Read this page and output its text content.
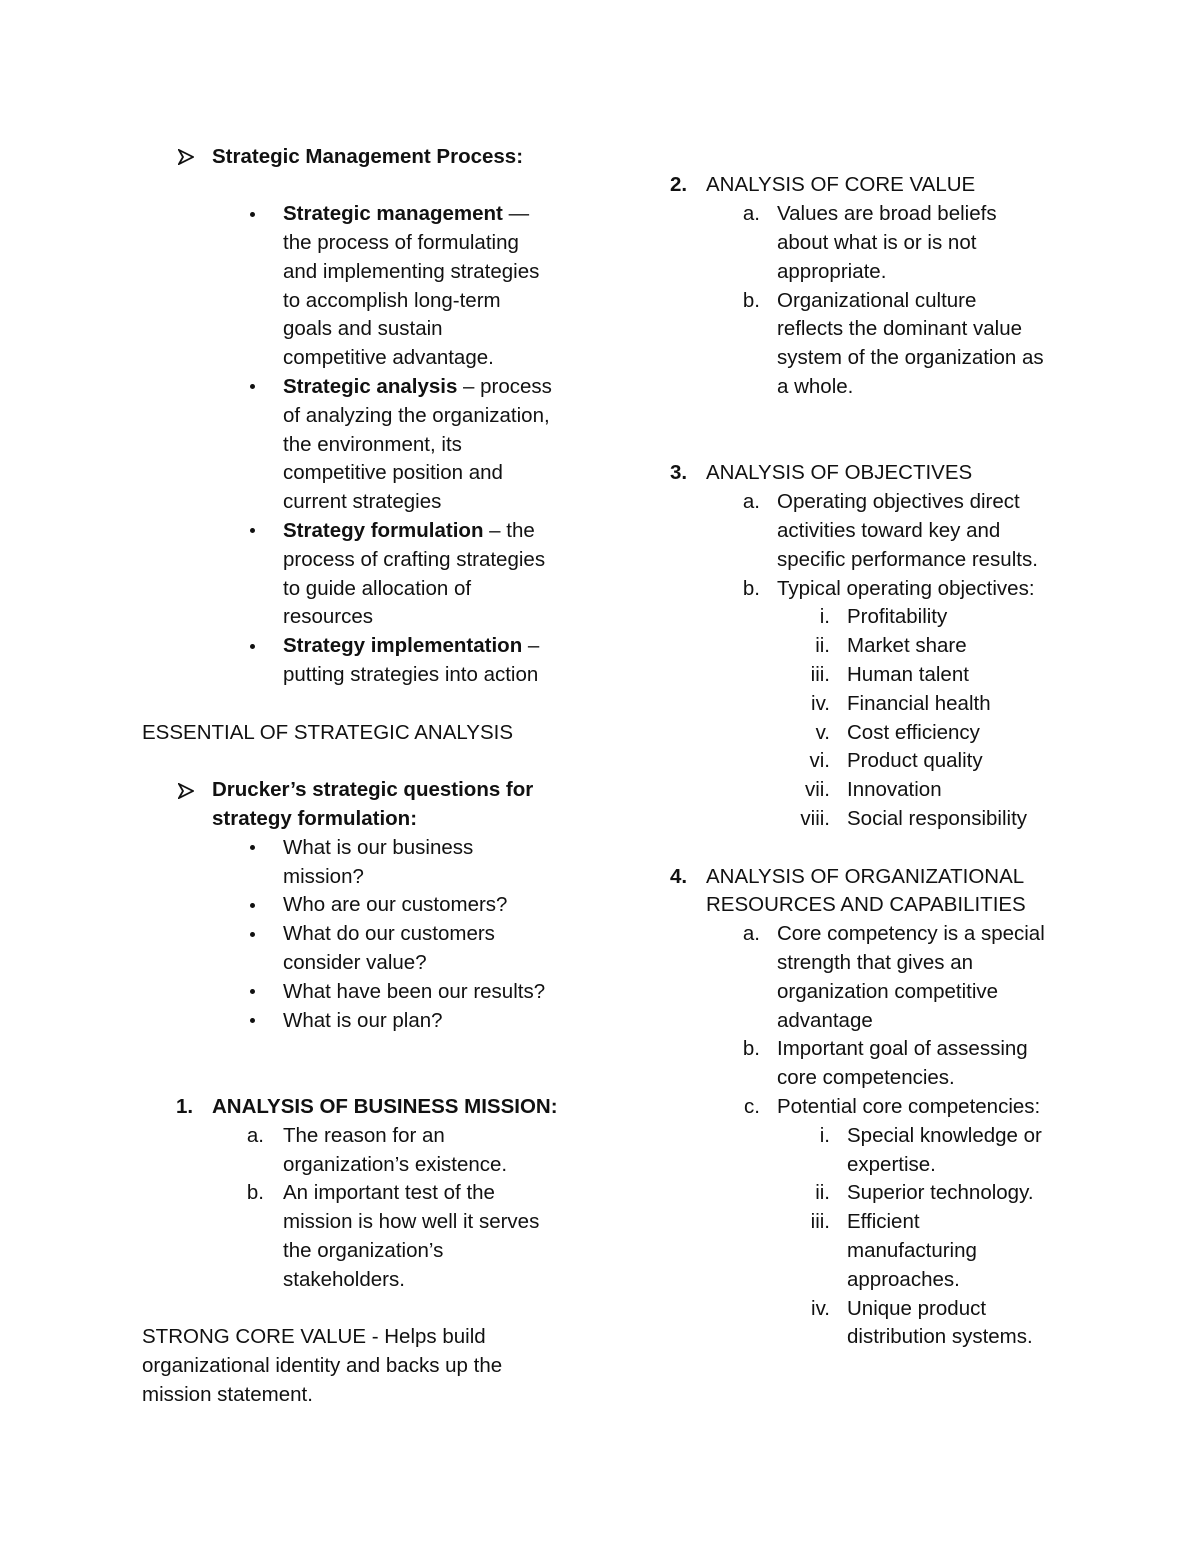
Strategic Management Process:
Strategic management —
the process of formulating
and implementing strategies
to accomplish long-term
goals and sustain
competitive advantage.
Strategic analysis – process
of analyzing the organization,
the environment, its
competitive position and
current strategies
Strategy formulation – the
process of crafting strategies
to guide allocation of
resources
Strategy implementation –
putting strategies into action
ESSENTIAL OF STRATEGIC ANALYSIS
Drucker’s strategic questions for
strategy formulation:
What is our business
mission?
Who are our customers?
What do our customers
consider value?
What have been our results?
What is our plan?
1. ANALYSIS OF BUSINESS MISSION:
a. The reason for an
organization’s existence.
b. An important test of the
mission is how well it serves
the organization’s
stakeholders.
STRONG CORE VALUE - Helps build
organizational identity and backs up the
mission statement.
2. ANALYSIS OF CORE VALUE
a. Values are broad beliefs
about what is or is not
appropriate.
b. Organizational culture
reflects the dominant value
system of the organization as
a whole.
3. ANALYSIS OF OBJECTIVES
a. Operating objectives direct
activities toward key and
specific performance results.
b. Typical operating objectives:
i. Profitability
ii. Market share
iii. Human talent
iv. Financial health
v. Cost efficiency
vi. Product quality
vii. Innovation
viii. Social responsibility
4. ANALYSIS OF ORGANIZATIONAL
RESOURCES AND CAPABILITIES
a. Core competency is a special
strength that gives an
organization competitive
advantage
b. Important goal of assessing
core competencies.
c. Potential core competencies:
i. Special knowledge or
expertise.
ii. Superior technology.
iii. Efficient
manufacturing
approaches.
iv. Unique product
distribution systems.
